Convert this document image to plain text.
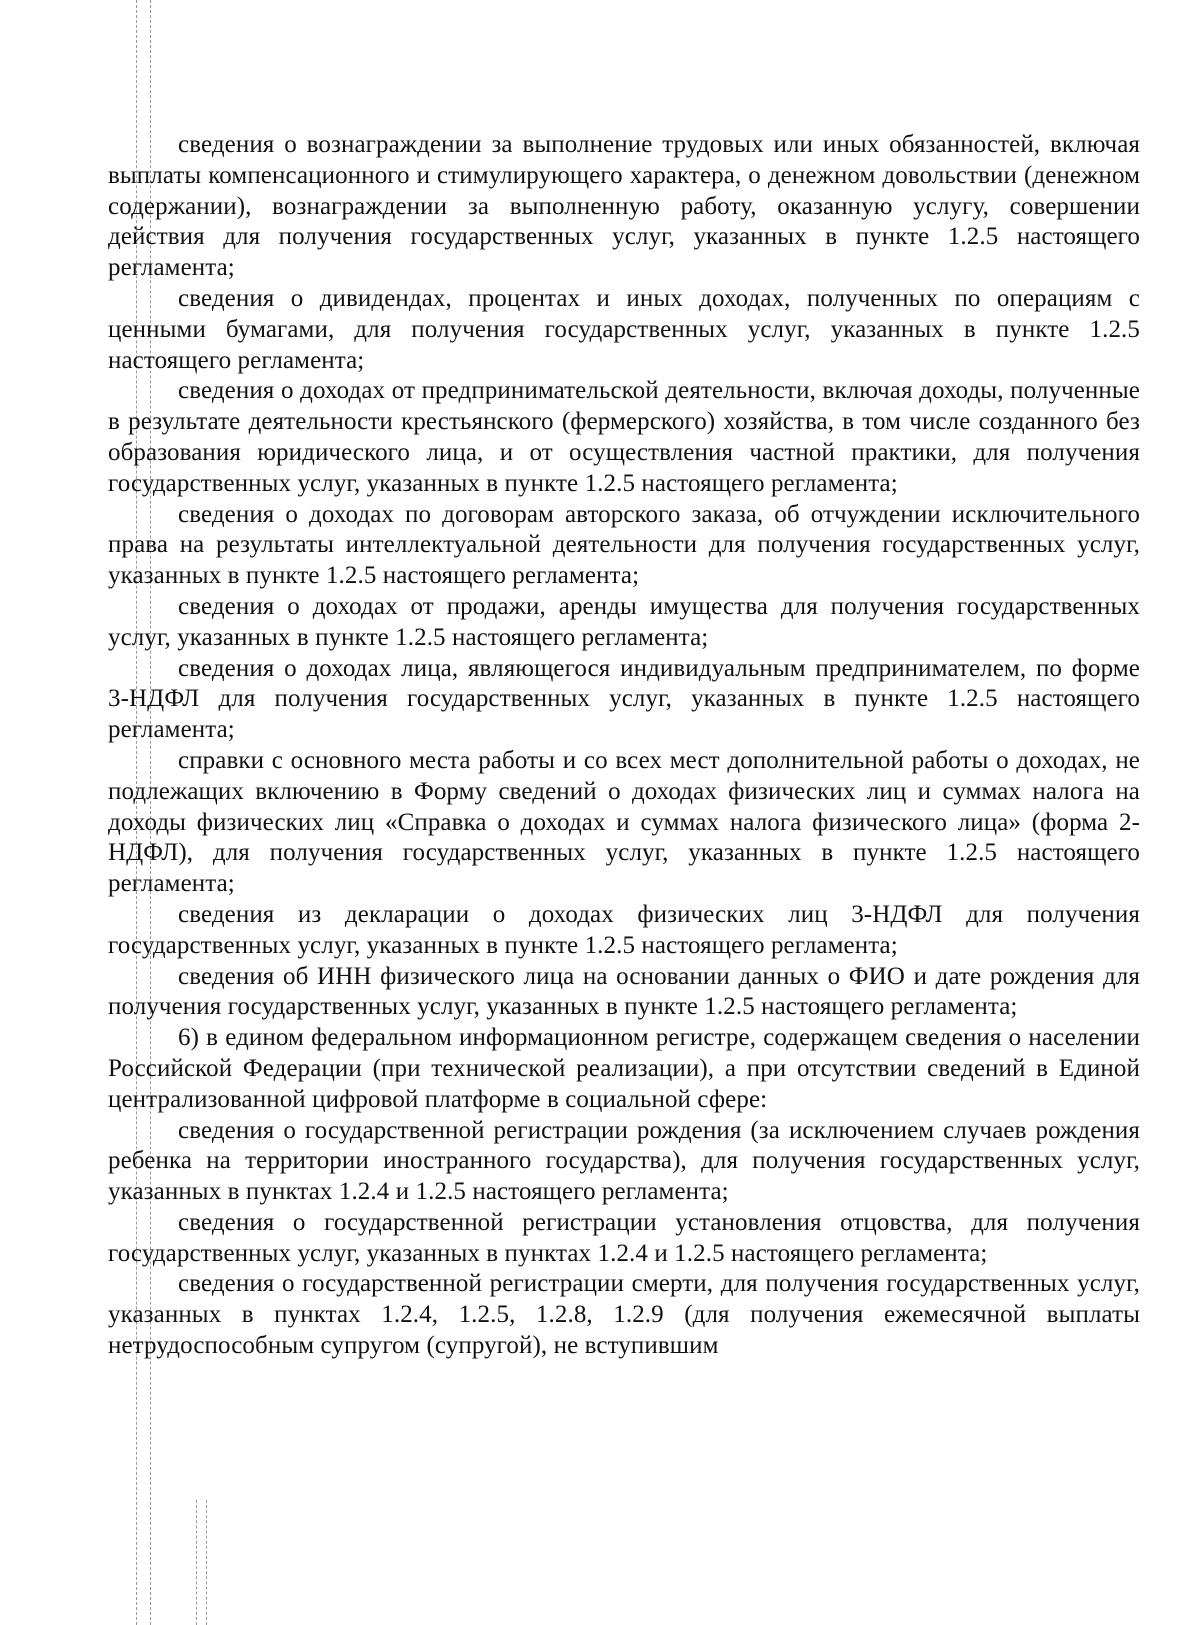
сведения о вознаграждении за выполнение трудовых или иных обязанностей, включая выплаты компенсационного и стимулирующего характера, о денежном довольствии (денежном содержании), вознаграждении за выполненную работу, оказанную услугу, совершении действия для получения государственных услуг, указанных в пункте 1.2.5 настоящего регламента;

сведения о дивидендах, процентах и иных доходах, полученных по операциям с ценными бумагами, для получения государственных услуг, указанных в пункте 1.2.5 настоящего регламента;

сведения о доходах от предпринимательской деятельности, включая доходы, полученные в результате деятельности крестьянского (фермерского) хозяйства, в том числе созданного без образования юридического лица, и от осуществления частной практики, для получения государственных услуг, указанных в пункте 1.2.5 настоящего регламента;

сведения о доходах по договорам авторского заказа, об отчуждении исключительного права на результаты интеллектуальной деятельности для получения государственных услуг, указанных в пункте 1.2.5 настоящего регламента;

сведения о доходах от продажи, аренды имущества для получения государственных услуг, указанных в пункте 1.2.5 настоящего регламента;

сведения о доходах лица, являющегося индивидуальным предпринимателем, по форме 3-НДФЛ для получения государственных услуг, указанных в пункте 1.2.5 настоящего регламента;

справки с основного места работы и со всех мест дополнительной работы о доходах, не подлежащих включению в Форму сведений о доходах физических лиц и суммах налога на доходы физических лиц «Справка о доходах и суммах налога физического лица» (форма 2-НДФЛ), для получения государственных услуг, указанных в пункте 1.2.5 настоящего регламента;

сведения из декларации о доходах физических лиц 3-НДФЛ для получения государственных услуг, указанных в пункте 1.2.5 настоящего регламента;

сведения об ИНН физического лица на основании данных о ФИО и дате рождения для получения государственных услуг, указанных в пункте 1.2.5 настоящего регламента;

6) в едином федеральном информационном регистре, содержащем сведения о населении Российской Федерации (при технической реализации), а при отсутствии сведений в Единой централизованной цифровой платформе в социальной сфере:

сведения о государственной регистрации рождения (за исключением случаев рождения ребенка на территории иностранного государства), для получения государственных услуг, указанных в пунктах 1.2.4 и 1.2.5 настоящего регламента;

сведения о государственной регистрации установления отцовства, для получения государственных услуг, указанных в пунктах 1.2.4 и 1.2.5 настоящего регламента;

сведения о государственной регистрации смерти, для получения государственных услуг, указанных в пунктах 1.2.4, 1.2.5, 1.2.8, 1.2.9 (для получения ежемесячной выплаты нетрудоспособным супругом (супругой), не вступившим
